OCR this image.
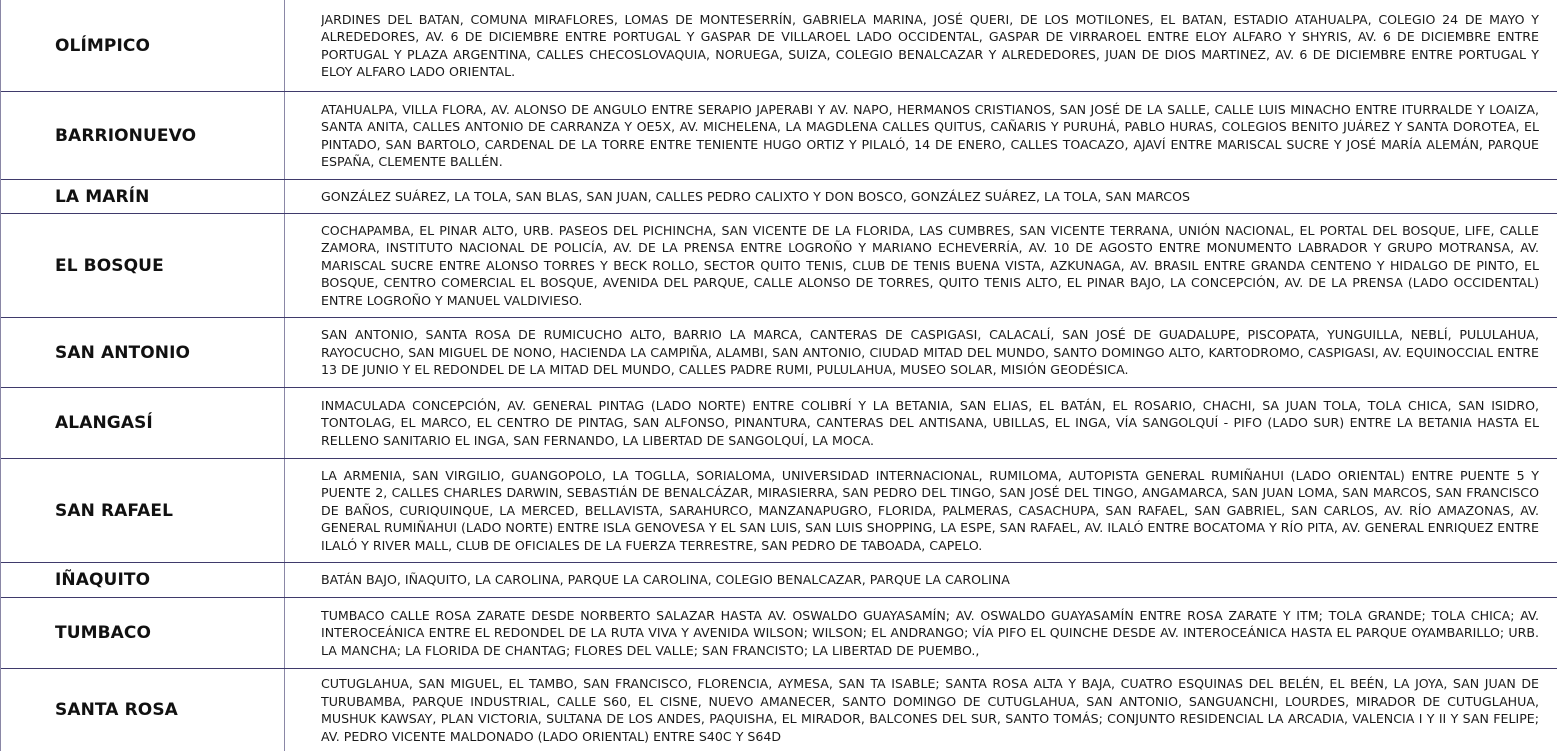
OLÍMPICO
JARDINES DEL BATAN, COMUNA MIRAFLORES, LOMAS DE MONTESERRÍN, GABRIELA MARINA, JOSÉ QUERI, DE LOS MOTILONES, EL BATAN, ESTADIO ATAHUALPA, COLEGIO 24 DE MAYO Y ALREDEDORES, AV. 6 DE DICIEMBRE ENTRE PORTUGAL Y GASPAR DE VILLAROEL LADO OCCIDENTAL, GASPAR DE VIRRAROEL ENTRE ELOY ALFARO Y SHYRIS, AV. 6 DE DICIEMBRE ENTRE PORTUGAL Y PLAZA ARGENTINA, CALLES CHECOSLOVAQUIA, NORUEGA, SUIZA, COLEGIO BENALCAZAR Y ALREDEDORES, JUAN DE DIOS MARTINEZ, AV. 6 DE DICIEMBRE ENTRE PORTUGAL Y ELOY ALFARO LADO ORIENTAL.
BARRIONUEVO
ATAHUALPA, VILLA FLORA, AV. ALONSO DE ANGULO ENTRE SERAPIO JAPERABI Y AV. NAPO, HERMANOS CRISTIANOS, SAN JOSÉ DE LA SALLE, CALLE LUIS MINACHO ENTRE ITURRALDE Y LOAIZA, SANTA ANITA, CALLES ANTONIO DE CARRANZA Y OE5X, AV. MICHELENA, LA MAGDLENA CALLES QUITUS, CAÑARIS Y PURUHÁ, PABLO HURAS, COLEGIOS BENITO JUÁREZ Y SANTA DOROTEA, EL PINTADO, SAN BARTOLO, CARDENAL DE LA TORRE ENTRE TENIENTE HUGO ORTIZ Y PILALÓ, 14 DE ENERO, CALLES TOACAZO, AJAVÍ ENTRE MARISCAL SUCRE Y JOSÉ MARÍA ALEMÁN, PARQUE ESPAÑA, CLEMENTE BALLÉN.
LA MARÍN	GONZÁLEZ SUÁREZ, LA TOLA, SAN BLAS, SAN JUAN, CALLES PEDRO CALIXTO Y DON BOSCO, GONZÁLEZ SUÁREZ, LA TOLA, SAN MARCOS
EL BOSQUE
COCHAPAMBA, EL PINAR ALTO, URB. PASEOS DEL PICHINCHA, SAN VICENTE DE LA FLORIDA, LAS CUMBRES, SAN VICENTE TERRANA, UNIÓN NACIONAL, EL PORTAL DEL BOSQUE, LIFE, CALLE ZAMORA, INSTITUTO NACIONAL DE POLICÍA, AV. DE LA PRENSA ENTRE LOGROÑO Y MARIANO ECHEVERRÍA, AV. 10 DE AGOSTO ENTRE MONUMENTO LABRADOR Y GRUPO MOTRANSA, AV. MARISCAL SUCRE ENTRE ALONSO TORRES Y BECK ROLLO, SECTOR QUITO TENIS, CLUB DE TENIS BUENA VISTA, AZKUNAGA, AV. BRASIL ENTRE GRANDA CENTENO Y HIDALGO DE PINTO, EL BOSQUE, CENTRO COMERCIAL EL BOSQUE, AVENIDA DEL PARQUE, CALLE ALONSO DE TORRES, QUITO TENIS ALTO, EL PINAR BAJO, LA CONCEPCIÓN, AV. DE LA PRENSA (LADO OCCIDENTAL) ENTRE LOGROÑO Y MANUEL VALDIVIESO.
SAN ANTONIO
SAN ANTONIO, SANTA ROSA DE RUMICUCHO ALTO, BARRIO LA MARCA, CANTERAS DE CASPIGASI, CALACALÍ, SAN JOSÉ DE GUADALUPE, PISCOPATA, YUNGUILLA, NEBLÍ, PULULAHUA, RAYOCUCHO, SAN MIGUEL DE NONO, HACIENDA LA CAMPIÑA, ALAMBI, SAN ANTONIO, CIUDAD MITAD DEL MUNDO, SANTO DOMINGO ALTO, KARTODROMO, CASPIGASI, AV. EQUINOCCIAL ENTRE 13 DE JUNIO Y EL REDONDEL DE LA MITAD DEL MUNDO, CALLES PADRE RUMI, PULULAHUA, MUSEO SOLAR, MISIÓN GEODÉSICA.
ALANGASÍ
INMACULADA CONCEPCIÓN, AV. GENERAL PINTAG (LADO NORTE) ENTRE COLIBRÍ Y LA BETANIA, SAN ELIAS, EL BATÁN, EL ROSARIO, CHACHI, SA JUAN TOLA, TOLA CHICA, SAN ISIDRO, TONTOLAG, EL MARCO, EL CENTRO DE PINTAG, SAN ALFONSO, PINANTURA, CANTERAS DEL ANTISANA, UBILLAS, EL INGA, VÍA SANGOLQUÍ - PIFO (LADO SUR) ENTRE LA BETANIA HASTA EL RELLENO SANITARIO EL INGA, SAN FERNANDO, LA LIBERTAD DE SANGOLQUÍ, LA MOCA.
SAN RAFAEL
LA ARMENIA, SAN VIRGILIO, GUANGOPOLO, LA TOGLLA, SORIALOMA, UNIVERSIDAD INTERNACIONAL, RUMILOMA, AUTOPISTA GENERAL RUMIÑAHUI (LADO ORIENTAL) ENTRE PUENTE 5 Y PUENTE 2, CALLES CHARLES DARWIN, SEBASTIÁN DE BENALCÁZAR, MIRASIERRA, SAN PEDRO DEL TINGO, SAN JOSÉ DEL TINGO, ANGAMARCA, SAN JUAN LOMA, SAN MARCOS, SAN FRANCISCO DE BAÑOS, CURIQUINQUE, LA MERCED, BELLAVISTA, SARAHURCO, MANZANAPUGRO, FLORIDA, PALMERAS, CASACHUPA, SAN RAFAEL, SAN GABRIEL, SAN CARLOS, AV. RÍO AMAZONAS, AV. GENERAL RUMIÑAHUI (LADO NORTE) ENTRE ISLA GENOVESA Y EL SAN LUIS, SAN LUIS SHOPPING, LA ESPE, SAN RAFAEL, AV. ILALÓ ENTRE BOCATOMA Y RÍO PITA, AV. GENERAL ENRIQUEZ ENTRE ILALÓ Y RIVER MALL, CLUB DE OFICIALES DE LA FUERZA TERRESTRE, SAN PEDRO DE TABOADA, CAPELO.
IÑAQUITO	BATÁN BAJO, IÑAQUITO, LA CAROLINA, PARQUE LA CAROLINA, COLEGIO BENALCAZAR, PARQUE LA CAROLINA
TUMBACO
TUMBACO CALLE ROSA ZARATE DESDE NORBERTO SALAZAR HASTA AV. OSWALDO GUAYASAMÍN; AV. OSWALDO GUAYASAMÍN ENTRE ROSA ZARATE Y ITM; TOLA GRANDE; TOLA CHICA; AV. INTEROCEÁNICA ENTRE EL REDONDEL DE LA RUTA VIVA Y AVENIDA WILSON; WILSON; EL ANDRANGO; VÍA PIFO EL QUINCHE DESDE AV. INTEROCEÁNICA HASTA EL PARQUE OYAMBARILLO; URB. LA MANCHA; LA FLORIDA DE CHANTAG; FLORES DEL VALLE; SAN FRANCISTO; LA LIBERTAD DE PUEMBO.,
SANTA ROSA
CUTUGLAHUA, SAN MIGUEL, EL TAMBO, SAN FRANCISCO, FLORENCIA, AYMESA, SAN TA ISABLE; SANTA ROSA ALTA Y BAJA, CUATRO ESQUINAS DEL BELÉN, EL BEÉN, LA JOYA, SAN JUAN DE TURUBAMBA, PARQUE INDUSTRIAL, CALLE S60, EL CISNE, NUEVO AMANECER, SANTO DOMINGO DE CUTUGLAHUA, SAN ANTONIO, SANGUANCHI, LOURDES, MIRADOR DE CUTUGLAHUA, MUSHUK KAWSAY, PLAN VICTORIA, SULTANA DE LOS ANDES, PAQUISHA, EL MIRADOR, BALCONES DEL SUR, SANTO TOMÁS; CONJUNTO RESIDENCIAL LA ARCADIA, VALENCIA I Y II Y SAN FELIPE; AV. PEDRO VICENTE MALDONADO (LADO ORIENTAL) ENTRE S40C Y S64D
